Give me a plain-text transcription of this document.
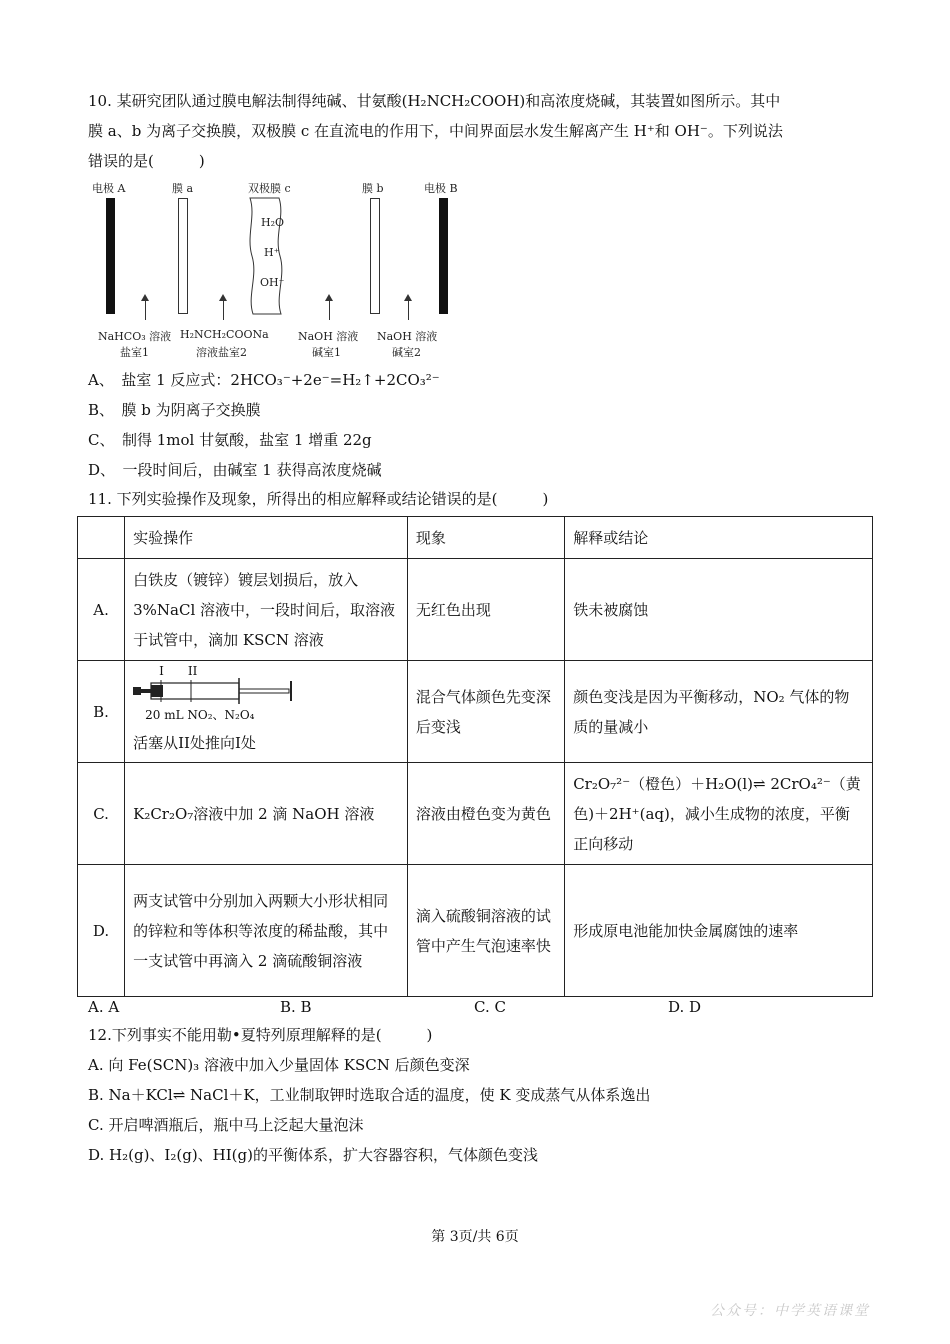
10. 某研究团队通过膜电解法制得纯碱、甘氨酸(H₂NCH₂COOH)和高浓度烧碱，其装置如图所示。其中
膜 a、b 为离子交换膜，双极膜 c 在直流电的作用下，中间界面层水发生解离产生 H⁺和 OH⁻。下列说法
错误的是(　　　)
电极 A	膜 a	双极膜 c	膜 b	电极 B
H₂O
H⁺
OH⁻
NaHCO₃ 溶液
盐室1
H₂NCH₂COONa
溶液盐室2
NaOH 溶液
碱室1
NaOH 溶液
碱室2
A、　盐室 1 反应式：2HCO₃⁻+2e⁻=H₂↑+2CO₃²⁻
B、　膜 b 为阴离子交换膜
C、　制得 1mol 甘氨酸，盐室 1 增重 22g
D、　一段时间后，由碱室 1 获得高浓度烧碱
11. 下列实验操作及现象，所得出的相应解释或结论错误的是(　　　)
	实验操作	现象	解释或结论
A.	白铁皮（镀锌）镀层划损后，放入3%NaCl 溶液中，一段时间后，取溶液于试管中，滴加 KSCN 溶液	无红色出现	铁未被腐蚀
B.	I　　II
20 mL NO₂、N₂O₄
活塞从II处推向I处	混合气体颜色先变深后变浅	颜色变浅是因为平衡移动，NO₂ 气体的物质的量减小
C.	K₂Cr₂O₇溶液中加 2 滴 NaOH 溶液	溶液由橙色变为黄色	Cr₂O₇²⁻（橙色）＋H₂O(l)⇌ 2CrO₄²⁻（黄色)＋2H⁺(aq)，减小生成物的浓度，平衡正向移动
D.	两支试管中分别加入两颗大小形状相同的锌粒和等体积等浓度的稀盐酸，其中一支试管中再滴入 2 滴硫酸铜溶液	滴入硫酸铜溶液的试管中产生气泡速率快	形成原电池能加快金属腐蚀的速率
A. A	B. B	C. C	D. D
12.下列事实不能用勒•夏特列原理解释的是(　　　)
A. 向 Fe(SCN)₃ 溶液中加入少量固体 KSCN 后颜色变深
B. Na＋KCl⇌ NaCl＋K，工业制取钾时选取合适的温度，使 K 变成蒸气从体系逸出
C. 开启啤酒瓶后，瓶中马上泛起大量泡沫
D. H₂(g)、I₂(g)、HI(g)的平衡体系，扩大容器容积，气体颜色变浅
第 3页/共 6页
公众号：中学英语课堂
